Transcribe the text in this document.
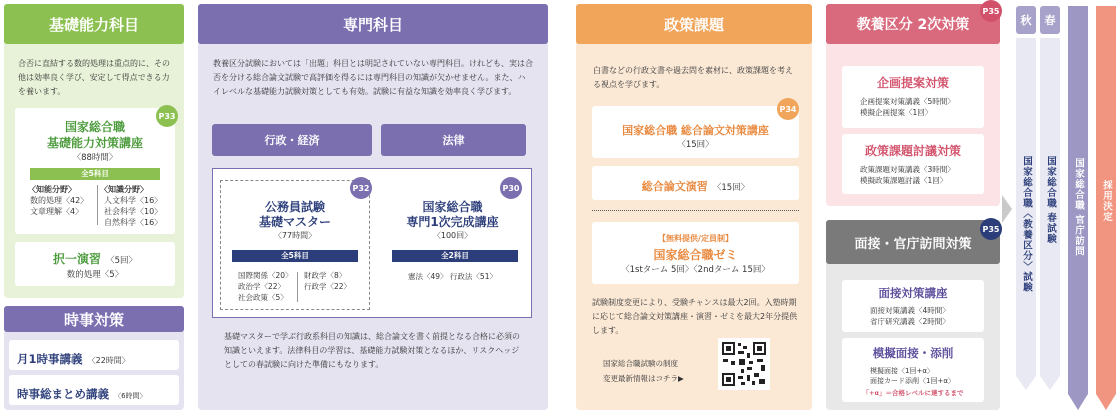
基礎能力科目
合否に直結する数的処理は重点的に、その他は効率良く学び、安定して得点できる力を養います。
P33
国家総合職
基礎能力対策講座
〈88時間〉
全5科目
〈知能分野〉
数的処理〈42〉
文章理解〈4〉
〈知識分野〉
人文科学〈16〉
社会科学〈10〉
自然科学〈16〉
択一演習 〈5回〉
数的処理〈5〉
時事対策
月1時事講義 〈22時間〉
時事総まとめ講義 〈6時間〉
専門科目
教養区分試験においては「出題」科目とは明記されていない専門科目。けれども、実は合否を分ける総合論文試験で高評価を得るには専門科目の知識が欠かせません。また、ハイレベルな基礎能力試験対策としても有効。試験に有益な知識を効率良く学びます。
行政・経済	法律
P32
公務員試験
基礎マスター
〈77時間〉
全5科目
国際関係〈20〉
政治学〈22〉
社会政策〈5〉
財政学〈8〉
行政学〈22〉
P30
国家総合職
専門1次完成講座
〈100回〉
全2科目
憲法〈49〉 行政法〈51〉
基礎マスターで学ぶ行政系科目の知識は、総合論文を書く前提となる合格に必須の知識といえます。法律科目の学習は、基礎能力試験対策となるほか、リスクヘッジとしての春試験に向けた準備にもなります。
政策課題
白書などの行政文書や過去問を素材に、政策課題を考える視点を学びます。
P34
国家総合職 総合論文対策講座
〈15回〉
総合論文演習 〈15回〉
【無料提供/定員制】
国家総合職ゼミ
〈1stターム 5回〉〈2ndターム 15回〉
試験制度変更により、受験チャンスは最大2回。入塾時期に応じて総合論文対策講座・演習・ゼミを最大2年分提供します。
国家総合職試験の制度
変更最新情報はコチラ▶
教養区分 2次対策
P35
企画提案対策
企画提案対策講義〈5時間〉
模擬企画提案〈1回〉
政策課題討議対策
政策課題対策講義〈3時間〉
模擬政策課題討議〈1回〉
面接・官庁訪問対策
P35
面接対策講座
面接対策講義〈4時間〉
省庁研究講義〈2時間〉
模擬面接・添削
模擬面接〈1回+α〉
面接カード添削〈1回+α〉
「+α」＝合格レベルに達するまで
秋	春
国家総合職〈教養区分〉試験 国家総合職 春試験 国家総合職 官庁訪問 採用決定
